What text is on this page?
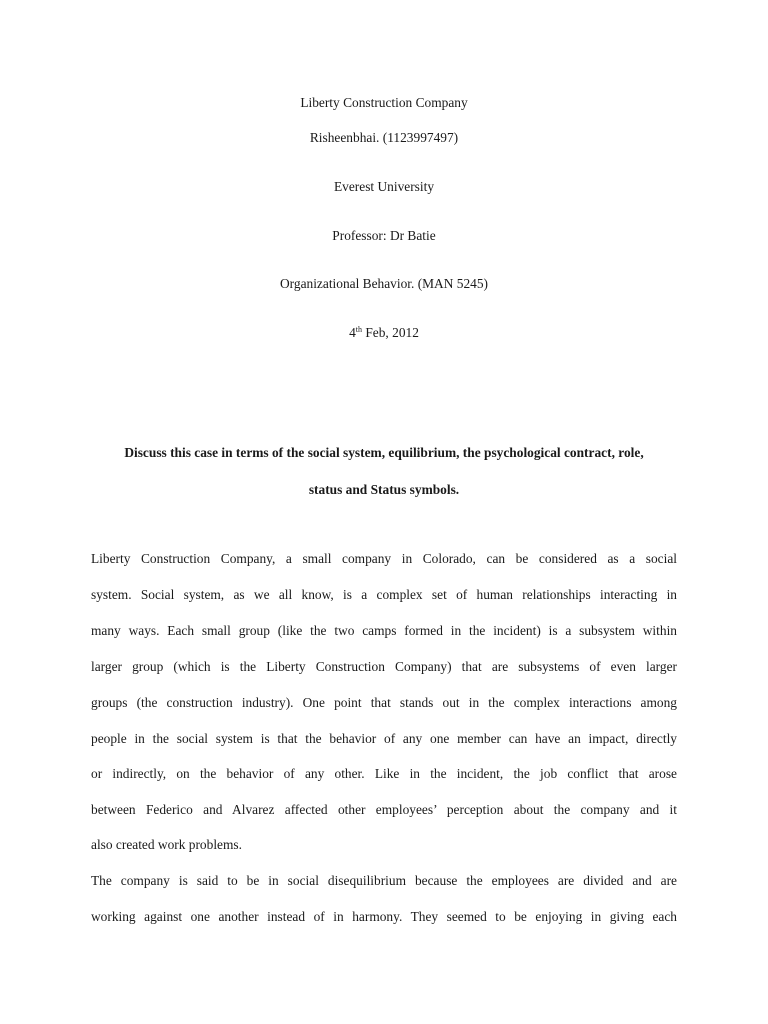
Liberty Construction Company
Risheenbhai. (1123997497)
Everest University
Professor: Dr Batie
Organizational Behavior. (MAN 5245)
4th Feb, 2012
Discuss this case in terms of the social system, equilibrium, the psychological contract, role,
status and Status symbols.
Liberty Construction Company, a small company in Colorado, can be considered as a social
system. Social system, as we all know, is a complex set of human relationships interacting in
many ways. Each small group (like the two camps formed in the incident) is a subsystem within
larger group (which is the Liberty Construction Company) that are subsystems of even larger
groups (the construction industry). One point that stands out in the complex interactions among
people in the social system is that the behavior of any one member can have an impact, directly
or indirectly, on the behavior of any other. Like in the incident, the job conflict that arose
between Federico and Alvarez affected other employees’ perception about the company and it
also created work problems.
The company is said to be in social disequilibrium because the employees are divided and are
working against one another instead of in harmony. They seemed to be enjoying in giving each
